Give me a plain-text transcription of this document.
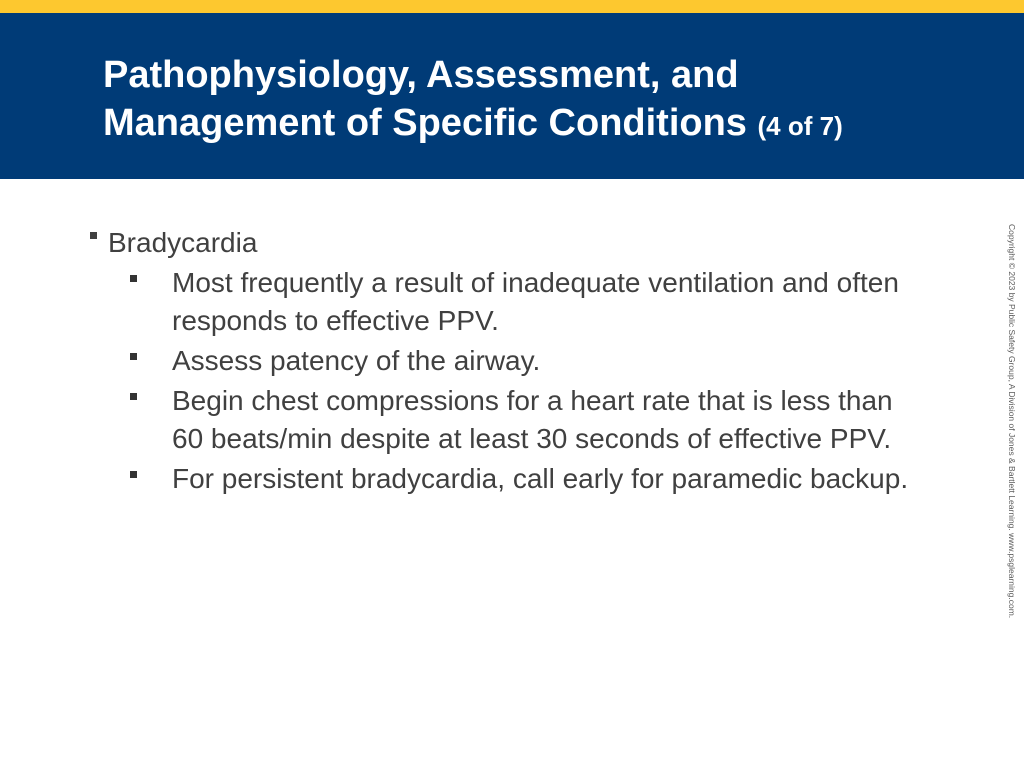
Pathophysiology, Assessment, and Management of Specific Conditions (4 of 7)

Bradycardia

Most frequently a result of inadequate ventilation and often responds to effective PPV.
Assess patency of the airway.
Begin chest compressions for a heart rate that is less than 60 beats/min despite at least 30 seconds of effective PPV.
For persistent bradycardia, call early for paramedic backup.	Copyright © 2023 by Public Safety Group, A Division of Jones & Bartlett Learning. www.psglearning.com.
